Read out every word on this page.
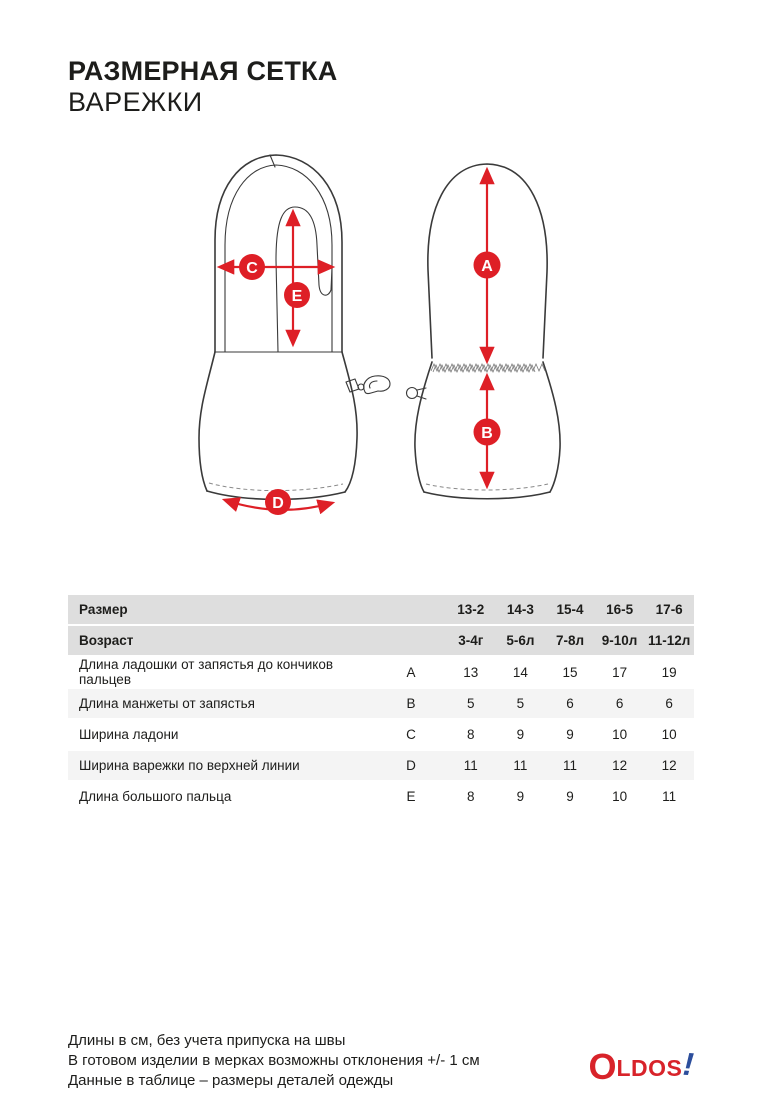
РАЗМЕРНАЯ СЕТКА
ВАРЕЖКИ
C
E
D
A
B
Размер		13-2	14-3	15-4	16-5	17-6
Возраст		3-4г	5-6л	7-8л	9-10л	11-12л
Длина ладошки от запястья до кончиков пальцев	A	13	14	15	17	19
Длина манжеты от запястья	B	5	5	6	6	6
Ширина ладони	C	8	9	9	10	10
Ширина варежки по верхней линии	D	11	11	11	12	12
Длина большого пальца	E	8	9	9	10	11
Длины в см, без учета припуска на швы
В готовом изделии в мерках возможны отклонения +/- 1 см
Данные в таблице – размеры деталей одежды	OLDOS!
